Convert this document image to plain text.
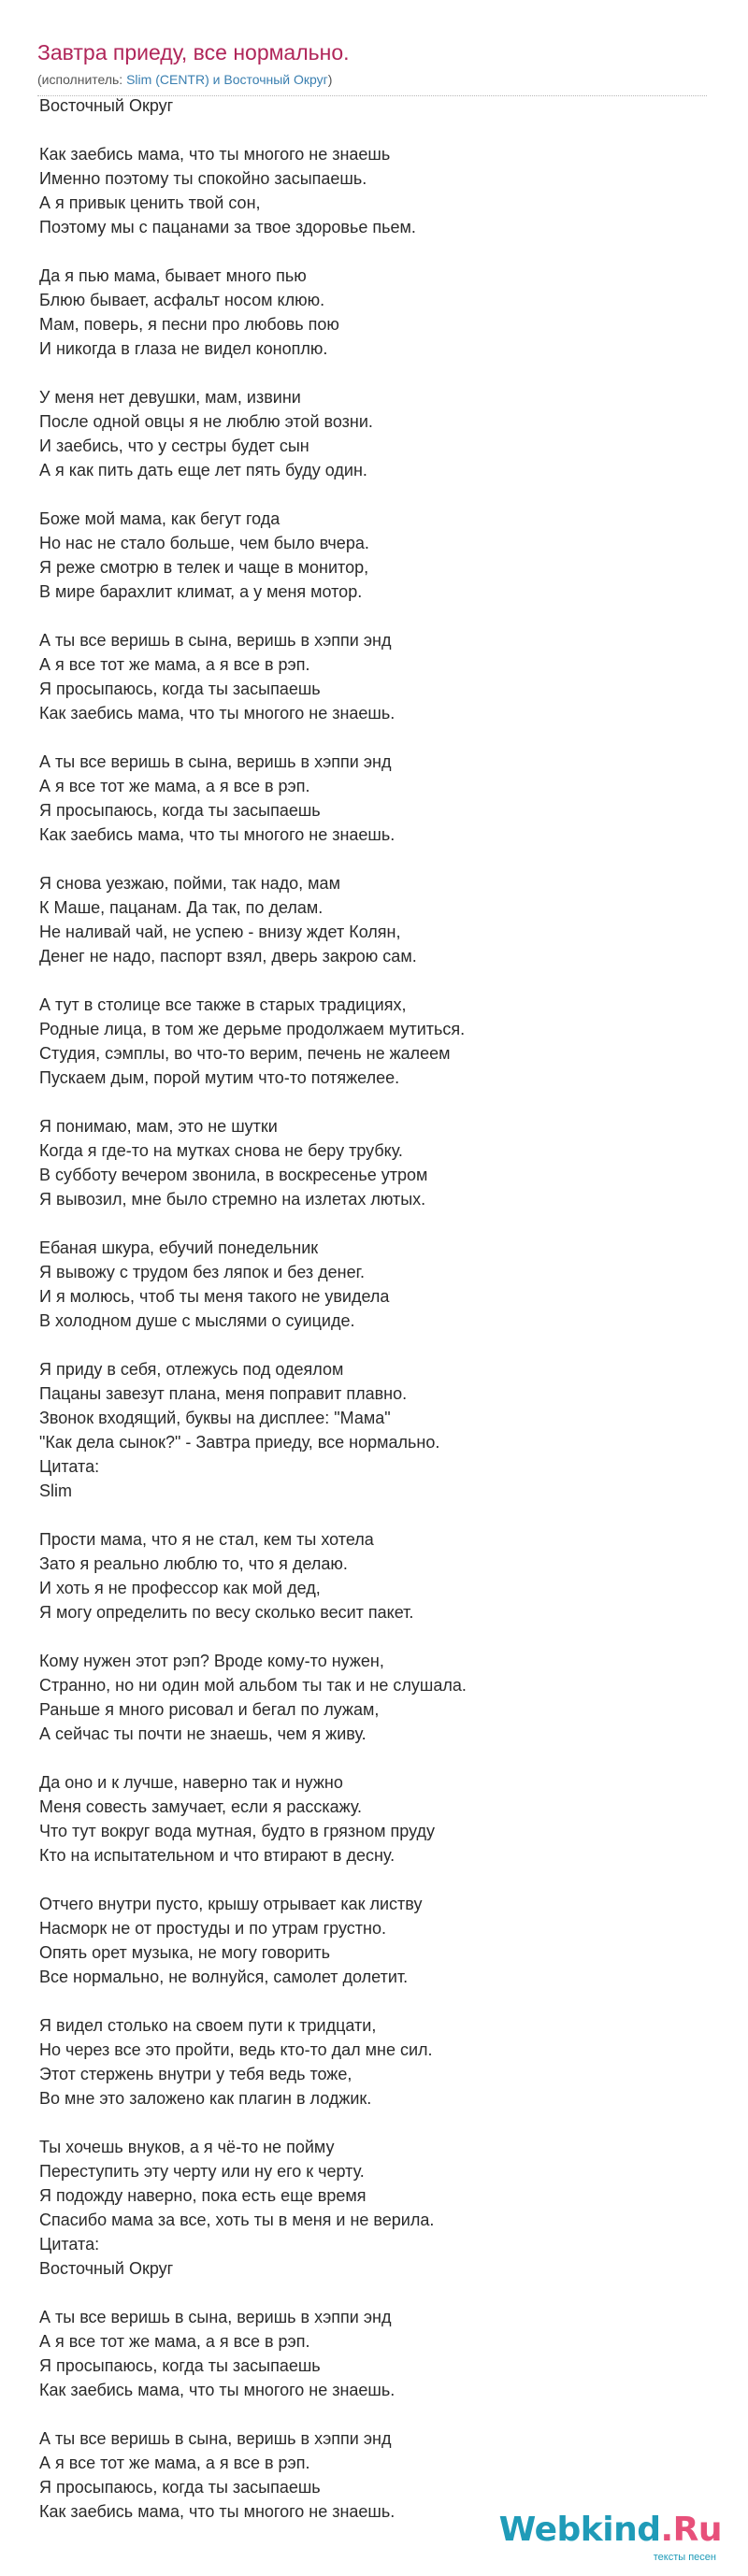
Завтра приеду, все нормально.
(исполнитель: Slim (CENTR) и Восточный Округ)
Восточный Округ
Как заебись мама, что ты многого не знаешь
Именно поэтому ты спокойно засыпаешь.
А я привык ценить твой сон,
Поэтому мы с пацанами за твое здоровье пьем.
Да я пью мама, бывает много пью
Блюю бывает, асфальт носом клюю.
Мам, поверь, я песни про любовь пою
И никогда в глаза не видел коноплю.
У меня нет девушки, мам, извини
После одной овцы я не люблю этой возни.
И заебись, что у сестры будет сын
А я как пить дать еще лет пять буду один.
Боже мой мама, как бегут года
Но нас не стало больше, чем было вчера.
Я реже смотрю в телек и чаще в монитор,
В мире барахлит климат, а у меня мотор.
А ты все веришь в сына, веришь в хэппи энд
А я все тот же мама, а я все в рэп.
Я просыпаюсь, когда ты засыпаешь
Как заебись мама, что ты многого не знаешь.
А ты все веришь в сына, веришь в хэппи энд
А я все тот же мама, а я все в рэп.
Я просыпаюсь, когда ты засыпаешь
Как заебись мама, что ты многого не знаешь.
Я снова уезжаю, пойми, так надо, мам
К Маше, пацанам. Да так, по делам.
Не наливай чай, не успею - внизу ждет Колян,
Денег не надо, паспорт взял, дверь закрою сам.
А тут в столице все также в старых традициях,
Родные лица, в том же дерьме продолжаем мутиться.
Студия, сэмплы, во что-то верим, печень не жалеем
Пускаем дым, порой мутим что-то потяжелее.
Я понимаю, мам, это не шутки
Когда я где-то на мутках снова не беру трубку.
В субботу вечером звонила, в воскресенье утром
Я вывозил, мне было стремно на излетах лютых.
Ебаная шкура, ебучий понедельник
Я вывожу с трудом без ляпок и без денег.
И я молюсь, чтоб ты меня такого не увидела
В холодном душе с мыслями о суициде.
Я приду в себя, отлежусь под одеялом
Пацаны завезут плана, меня поправит плавно.
Звонок входящий, буквы на дисплее: "Мама"
"Как дела сынок?" - Завтра приеду, все нормально.
Цитата:
Slim
Прости мама, что я не стал, кем ты хотела
Зато я реально люблю то, что я делаю.
И хоть я не профессор как мой дед,
Я могу определить по весу сколько весит пакет.
Кому нужен этот рэп? Вроде кому-то нужен,
Странно, но ни один мой альбом ты так и не слушала.
Раньше я много рисовал и бегал по лужам,
А сейчас ты почти не знаешь, чем я живу.
Да оно и к лучше, наверно так и нужно
Меня совесть замучает, если я расскажу.
Что тут вокруг вода мутная, будто в грязном пруду
Кто на испытательном и что втирают в десну.
Отчего внутри пусто, крышу отрывает как листву
Насморк не от простуды и по утрам грустно.
Опять орет музыка, не могу говорить
Все нормально, не волнуйся, самолет долетит.
Я видел столько на своем пути к тридцати,
Но через все это пройти, ведь кто-то дал мне сил.
Этот стержень внутри у тебя ведь тоже,
Во мне это заложено как плагин в лоджик.
Ты хочешь внуков, а я чё-то не пойму
Переступить эту черту или ну его к черту.
Я подожду наверно, пока есть еще время
Спасибо мама за все, хоть ты в меня и не верила.
Цитата:
Восточный Округ
А ты все веришь в сына, веришь в хэппи энд
А я все тот же мама, а я все в рэп.
Я просыпаюсь, когда ты засыпаешь
Как заебись мама, что ты многого не знаешь.
А ты все веришь в сына, веришь в хэппи энд
А я все тот же мама, а я все в рэп.
Я просыпаюсь, когда ты засыпаешь
Как заебись мама, что ты многого не знаешь.	Webkind.Ru
тексты песен
